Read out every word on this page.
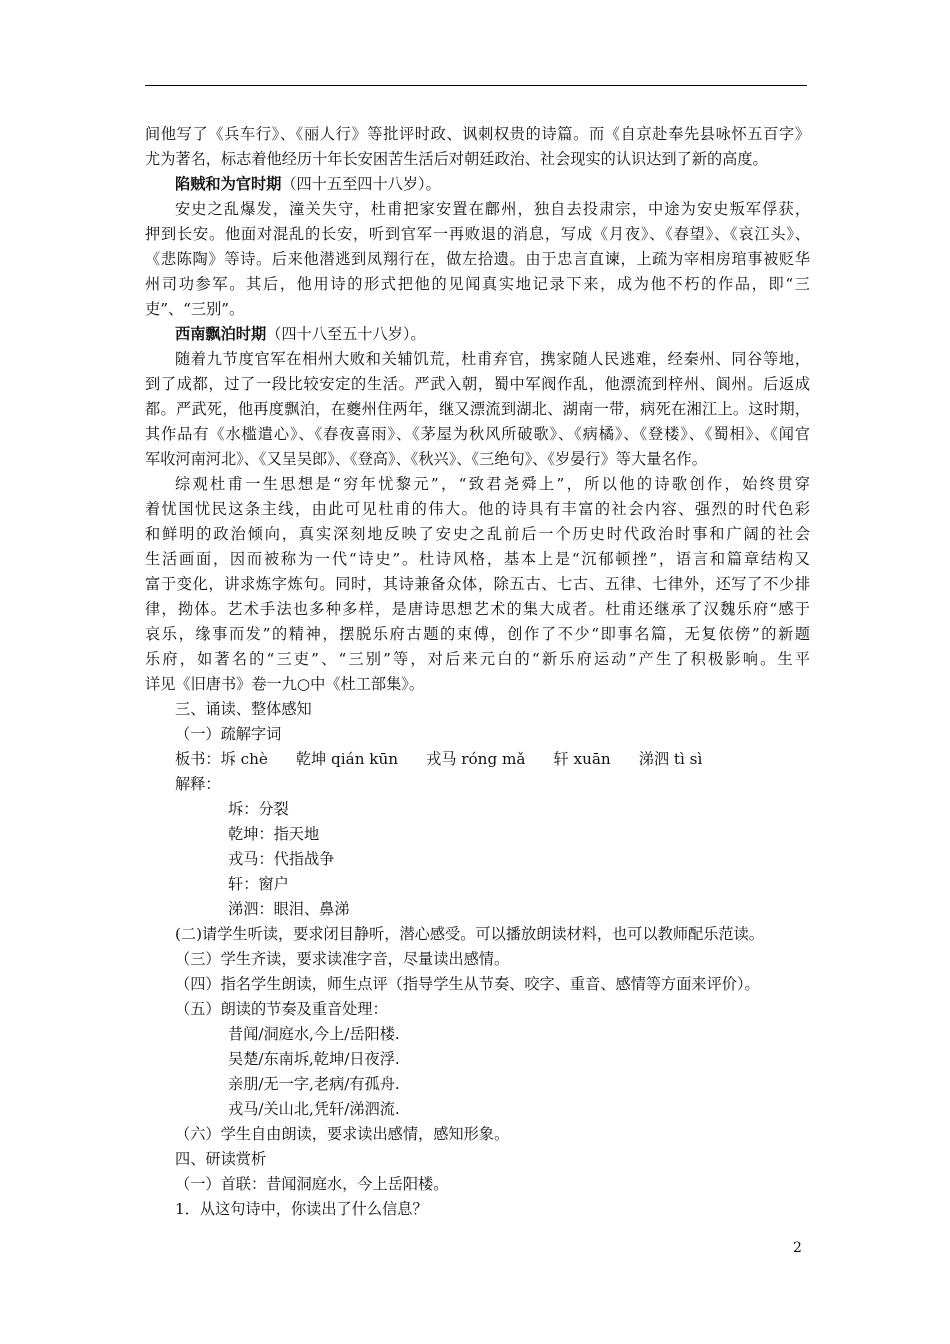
间他写了《兵车行》、《丽人行》等批评时政、讽刺权贵的诗篇。而《自京赴奉先县咏怀五百字》
尤为著名，标志着他经历十年长安困苦生活后对朝廷政治、社会现实的认识达到了新的高度。
陷贼和为官时期（四十五至四十八岁）。
安史之乱爆发，潼关失守，杜甫把家安置在鄜州，独自去投肃宗，中途为安史叛军俘获，
押到长安。他面对混乱的长安，听到官军一再败退的消息，写成《月夜》、《春望》、《哀江头》、
《悲陈陶》等诗。后来他潜逃到凤翔行在，做左拾遗。由于忠言直谏，上疏为宰相房琯事被贬华
州司功参军。其后，他用诗的形式把他的见闻真实地记录下来，成为他不朽的作品，即“三
吏”、“三别”。
西南飘泊时期（四十八至五十八岁）。
随着九节度官军在相州大败和关辅饥荒，杜甫弃官，携家随人民逃难，经秦州、同谷等地，
到了成都，过了一段比较安定的生活。严武入朝，蜀中军阀作乱，他漂流到梓州、阆州。后返成
都。严武死，他再度飘泊，在夔州住两年，继又漂流到湖北、湖南一带，病死在湘江上。这时期，
其作品有《水槛遣心》、《春夜喜雨》、《茅屋为秋风所破歌》、《病橘》、《登楼》、《蜀相》、《闻官
军收河南河北》、《又呈吴郎》、《登高》、《秋兴》、《三绝句》、《岁晏行》等大量名作。
综观杜甫一生思想是“穷年忧黎元”，“致君尧舜上”，所以他的诗歌创作，始终贯穿
着忧国忧民这条主线，由此可见杜甫的伟大。他的诗具有丰富的社会内容、强烈的时代色彩
和鲜明的政治倾向，真实深刻地反映了安史之乱前后一个历史时代政治时事和广阔的社会
生活画面，因而被称为一代“诗史”。杜诗风格，基本上是“沉郁顿挫”，语言和篇章结构又
富于变化，讲求炼字炼句。同时，其诗兼备众体，除五古、七古、五律、七律外，还写了不少排
律，拗体。艺术手法也多种多样，是唐诗思想艺术的集大成者。杜甫还继承了汉魏乐府“感于
哀乐，缘事而发”的精神，摆脱乐府古题的束傅，创作了不少“即事名篇，无复依傍”的新题
乐府，如著名的“三吏”、“三别”等，对后来元白的“新乐府运动”产生了积极影响。生平
详见《旧唐书》卷一九○中《杜工部集》。
三、诵读、整体感知
（一）疏解字词
板书：坼 chè 乾坤 qián kūn 戎马 róng mǎ 轩 xuān 涕泗 tì sì
解释：
坼：分裂
乾坤：指天地
戎马：代指战争
轩：窗户
涕泗：眼泪、鼻涕
(二)请学生听读，要求闭目静听，潜心感受。可以播放朗读材料，也可以教师配乐范读。
（三）学生齐读，要求读准字音，尽量读出感情。
（四）指名学生朗读，师生点评（指导学生从节奏、咬字、重音、感情等方面来评价）。
（五）朗读的节奏及重音处理：
昔闻/洞庭水,今上/岳阳楼.
吴楚/东南坼,乾坤/日夜浮.
亲朋/无一字,老病/有孤舟.
戎马/关山北,凭轩/涕泗流.
（六）学生自由朗读，要求读出感情，感知形象。
四、研读赏析
（一）首联：昔闻洞庭水，今上岳阳楼。
1．从这句诗中，你读出了什么信息？
2
